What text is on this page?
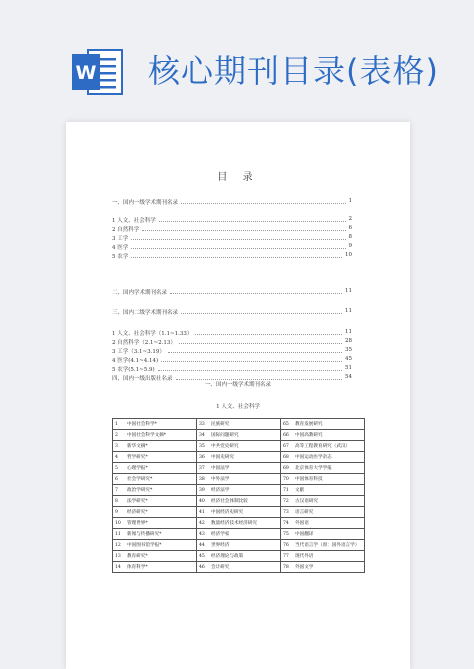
W 核心期刊目录(表格)
目 录
一、国内一级学术期刊名录	1
1 人文、社会科学	2
2 自然科学	6
3 工学	8
4 医学	9
5 农学	10
二、国内学术期刊名录	11
三、国内二级学术期刊名录	11
1 人文、社会科学（1.1~1.33）	11
2 自然科学（2.1~2.13）	28
3 工学（3.1~3.19）	35
4 医学(4.1~4.14)	45
5 农学(5.1~5.9)	51
四、国内一级出版社名录	54
一、国内一级学术期刊名录
1 人文、社会科学
1 中国社会科学*	33 民族研究	65 教育发展研究
2 中国社会科学文摘*	34 国际问题研究	66 中国高教研究
3 新华文摘*	35 中共党史研究	67 高等工程教育研究（武汉）
4 哲学研究*	36 中国史研究	68 中国运动医学杂志
5 心理学报*	37 中国法学	69 北京体育大学学报
6 社会学研究*	38 中外法学	70 中国体育科技
7 政治学研究*	39 经济法学	71 文献
8 法学研究*	40 经济社会体制比较	72 古汉语研究
9 经济研究*	41 中国经济史研究	73 语言研究
10 管理世界*	42 数量经济技术经济研究	74 外国语
11 新闻与传播研究*	43 经济学家	75 中国翻译
12 中国图书馆学报*	44 世界经济	76 当代语言学（原：国外语言学）
13 教育研究*	45 经济理论与政策	77 现代外语
14 体育科学*	46 会计研究	78 外国文学
